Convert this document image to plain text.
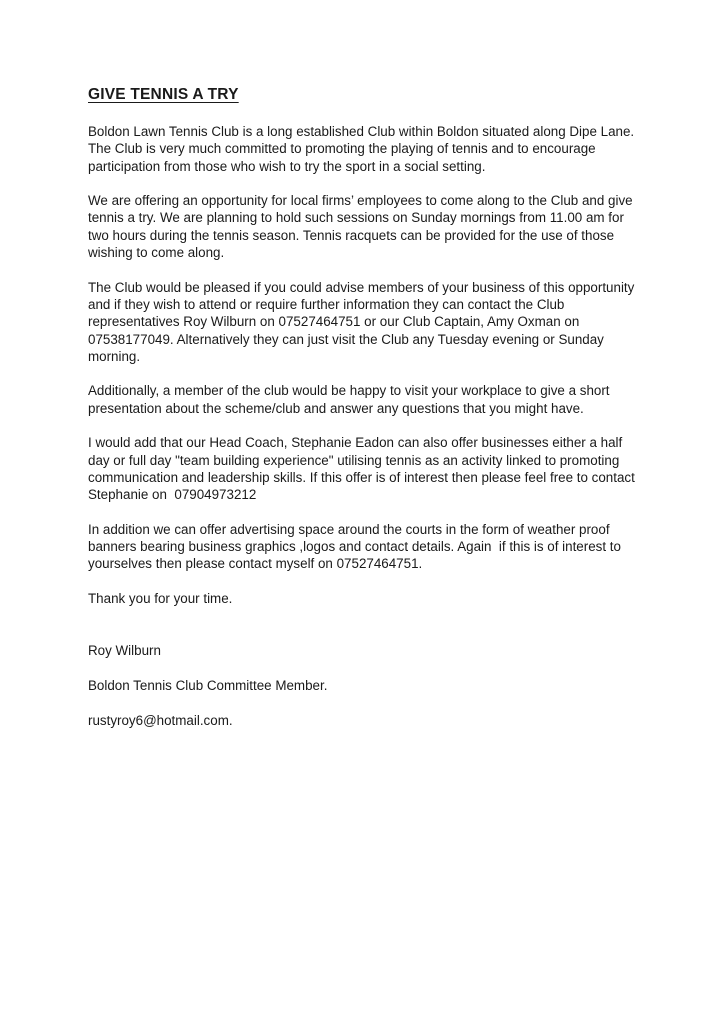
GIVE TENNIS A TRY

Boldon Lawn Tennis Club is a long established Club within Boldon situated along Dipe Lane. The Club is very much committed to promoting the playing of tennis and to encourage participation from those who wish to try the sport in a social setting.

We are offering an opportunity for local firms’ employees to come along to the Club and give tennis a try. We are planning to hold such sessions on Sunday mornings from 11.00 am for two hours during the tennis season. Tennis racquets can be provided for the use of those wishing to come along.

The Club would be pleased if you could advise members of your business of this opportunity and if they wish to attend or require further information they can contact the Club representatives Roy Wilburn on 07527464751 or our Club Captain, Amy Oxman on 07538177049. Alternatively they can just visit the Club any Tuesday evening or Sunday morning.

Additionally, a member of the club would be happy to visit your workplace to give a short presentation about the scheme/club and answer any questions that you might have.

I would add that our Head Coach, Stephanie Eadon can also offer businesses either a half day or full day "team building experience" utilising tennis as an activity linked to promoting communication and leadership skills. If this offer is of interest then please feel free to contact Stephanie on  07904973212

In addition we can offer advertising space around the courts in the form of weather proof  banners bearing business graphics ,logos and contact details. Again  if this is of interest to yourselves then please contact myself on 07527464751.

Thank you for your time.

Roy Wilburn

Boldon Tennis Club Committee Member.

rustyroy6@hotmail.com.
